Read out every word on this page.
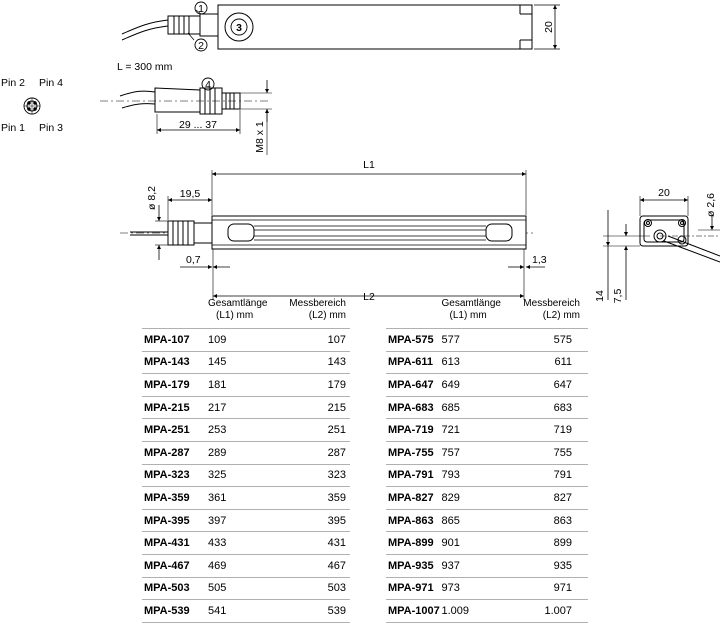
1
2
3	20
L = 300 mm
Pin 2 Pin 4
Pin 1 Pin 3
4
29 ... 37	M8 x 1
L1
19,5
ø 8,2
0,7	1,3
L2
20
ø 2,6
14 7,5

	Gesamtlänge
(L1) mm	Messbereich
(L2) mm

MPA-107	109	107
MPA-143	145	143
MPA-179	181	179
MPA-215	217	215
MPA-251	253	251
MPA-287	289	287
MPA-323	325	323
MPA-359	361	359
MPA-395	397	395
MPA-431	433	431
MPA-467	469	467
MPA-503	505	503
MPA-539	541	539

	Gesamtlänge
(L1) mm	Messbereich
(L2) mm

MPA-575	577	575
MPA-611	613	611
MPA-647	649	647
MPA-683	685	683
MPA-719	721	719
MPA-755	757	755
MPA-791	793	791
MPA-827	829	827
MPA-863	865	863
MPA-899	901	899
MPA-935	937	935
MPA-971	973	971
MPA-1007	1.009	1.007
